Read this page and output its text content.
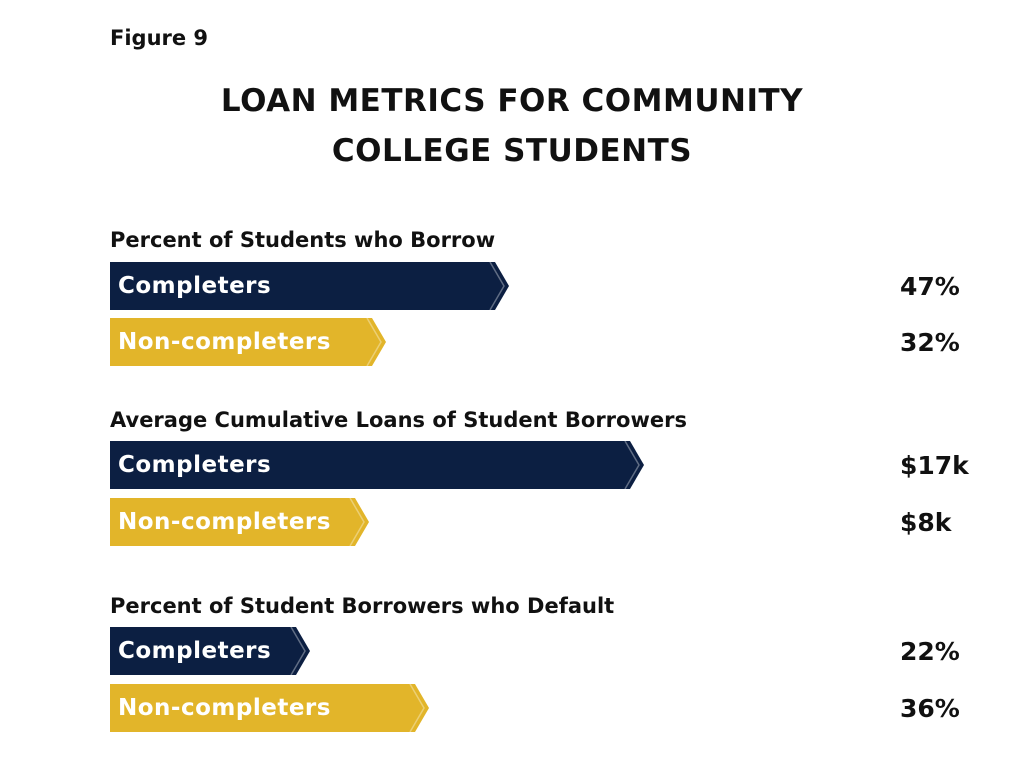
Figure 9
LOAN METRICS FOR COMMUNITY
COLLEGE STUDENTS
Percent of Students who Borrow
Completers	47%
Non-completers	32%
Average Cumulative Loans of Student Borrowers
Completers	$17k
Non-completers	$8k
Percent of Student Borrowers who Default
Completers	22%
Non-completers	36%
